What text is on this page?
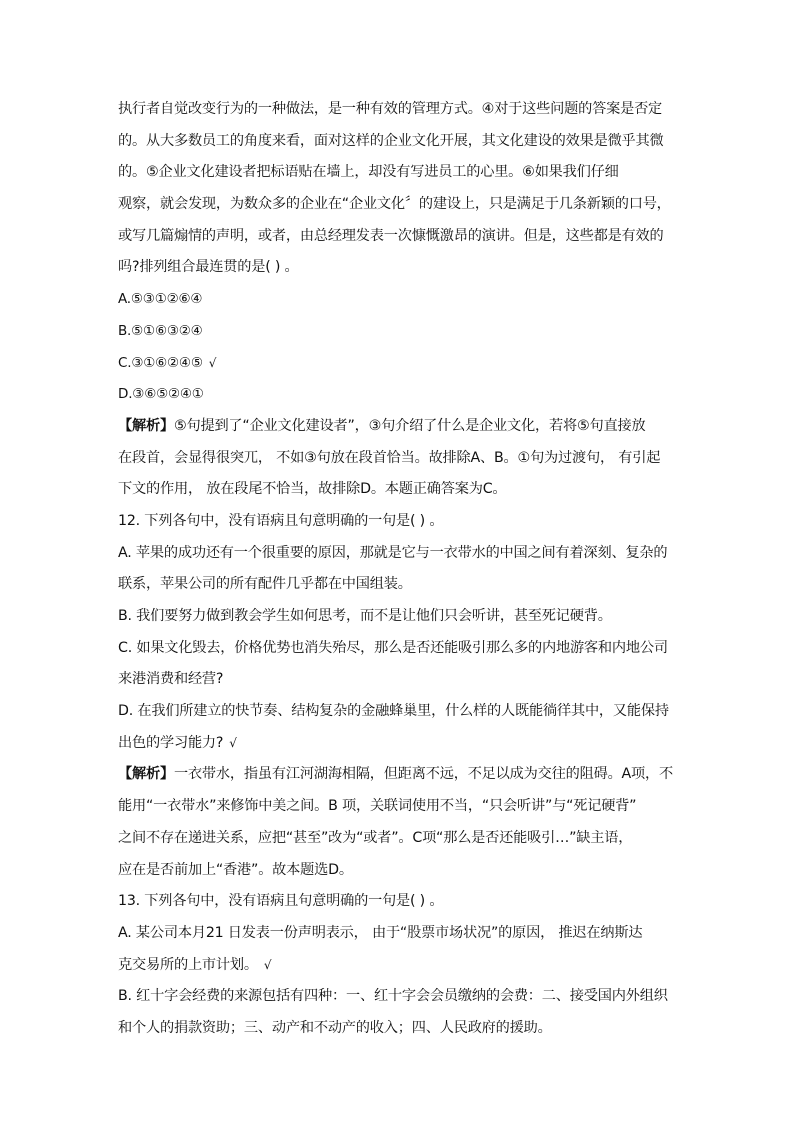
执行者自觉改变行为的一种做法，是一种有效的管理方式。④对于这些问题的答案是否定
的。从大多数员工的角度来看，面对这样的企业文化开展，其文化建设的效果是微乎其微
的。⑤企业文化建设者把标语贴在墙上，却没有写进员工的心里。⑥如果我们仔细
观察，就会发现，为数众多的企业在“企业文化〞的建设上，只是满足于几条新颖的口号，
或写几篇煽情的声明，或者，由总经理发表一次慷慨激昂的演讲。但是，这些都是有效的
吗?排列组合最连贯的是( ) 。
A.⑤③①②⑥④
B.⑤①⑥③②④
C.③①⑥②④⑤ √
D.③⑥⑤②④①
【解析】⑤句提到了“企业文化建设者”，③句介绍了什么是企业文化，若将⑤句直接放
在段首，会显得很突兀， 不如③句放在段首恰当。故排除A、B。①句为过渡句， 有引起
下文的作用， 放在段尾不恰当，故排除D。本题正确答案为C。
12. 下列各句中，没有语病且句意明确的一句是( ) 。
A. 苹果的成功还有一个很重要的原因，那就是它与一衣带水的中国之间有着深刻、复杂的
联系，苹果公司的所有配件几乎都在中国组装。
B. 我们要努力做到教会学生如何思考，而不是让他们只会听讲，甚至死记硬背。
C. 如果文化毁去，价格优势也消失殆尽，那么是否还能吸引那么多的内地游客和内地公司
来港消费和经营?
D. 在我们所建立的快节奏、结构复杂的金融蜂巢里，什么样的人既能徜徉其中，又能保持
出色的学习能力? √
【解析】一衣带水，指虽有江河湖海相隔，但距离不远，不足以成为交往的阻碍。A项，不
能用“一衣带水”来修饰中美之间。B 项，关联词使用不当，“只会听讲”与“死记硬背”
之间不存在递进关系，应把“甚至”改为“或者”。C项“那么是否还能吸引…”缺主语，
应在是否前加上“香港”。故本题选D。
13. 下列各句中，没有语病且句意明确的一句是( ) 。
A. 某公司本月21 日发表一份声明表示， 由于“股票市场状况”的原因， 推迟在纳斯达
克交易所的上市计划。 √
B. 红十字会经费的来源包括有四种：一、红十字会会员缴纳的会费：二、接受国内外组织
和个人的捐款资助；三、动产和不动产的收入；四、人民政府的援助。
